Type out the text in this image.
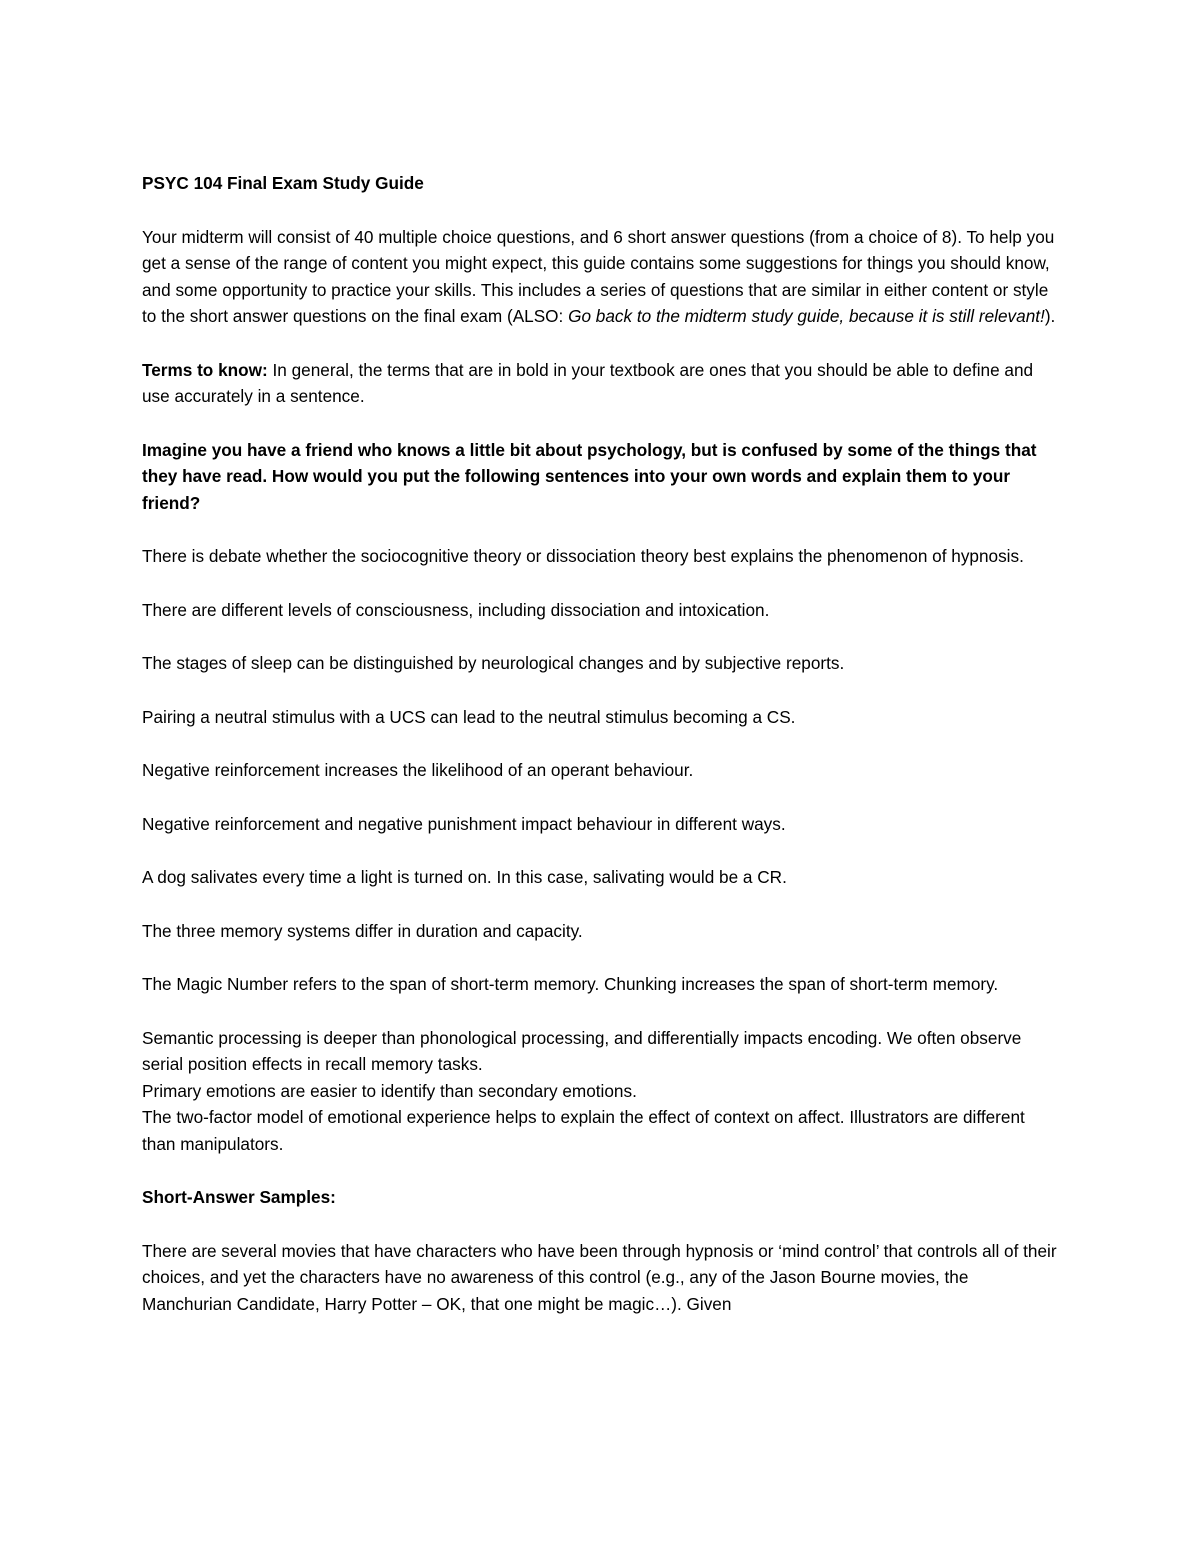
PSYC 104 Final Exam Study Guide

Your midterm will consist of 40 multiple choice questions, and 6 short answer questions (from a choice of 8). To help you get a sense of the range of content you might expect, this guide contains some suggestions for things you should know, and some opportunity to practice your skills. This includes a series of questions that are similar in either content or style to the short answer questions on the final exam (ALSO: Go back to the midterm study guide, because it is still relevant!).

Terms to know: In general, the terms that are in bold in your textbook are ones that you should be able to define and use accurately in a sentence.

Imagine you have a friend who knows a little bit about psychology, but is confused by some of the things that they have read. How would you put the following sentences into your own words and explain them to your friend?

There is debate whether the sociocognitive theory or dissociation theory best explains the phenomenon of hypnosis.

There are different levels of consciousness, including dissociation and intoxication.

The stages of sleep can be distinguished by neurological changes and by subjective reports.

Pairing a neutral stimulus with a UCS can lead to the neutral stimulus becoming a CS.

Negative reinforcement increases the likelihood of an operant behaviour.

Negative reinforcement and negative punishment impact behaviour in different ways.

A dog salivates every time a light is turned on. In this case, salivating would be a CR.

The three memory systems differ in duration and capacity.

The Magic Number refers to the span of short-term memory. Chunking increases the span of short-term memory.

Semantic processing is deeper than phonological processing, and differentially impacts encoding. We often observe serial position effects in recall memory tasks.

Primary emotions are easier to identify than secondary emotions.

The two-factor model of emotional experience helps to explain the effect of context on affect. Illustrators are different than manipulators.

Short-Answer Samples:

There are several movies that have characters who have been through hypnosis or ‘mind control’ that controls all of their choices, and yet the characters have no awareness of this control (e.g., any of the Jason Bourne movies, the Manchurian Candidate, Harry Potter – OK, that one might be magic…). Given
